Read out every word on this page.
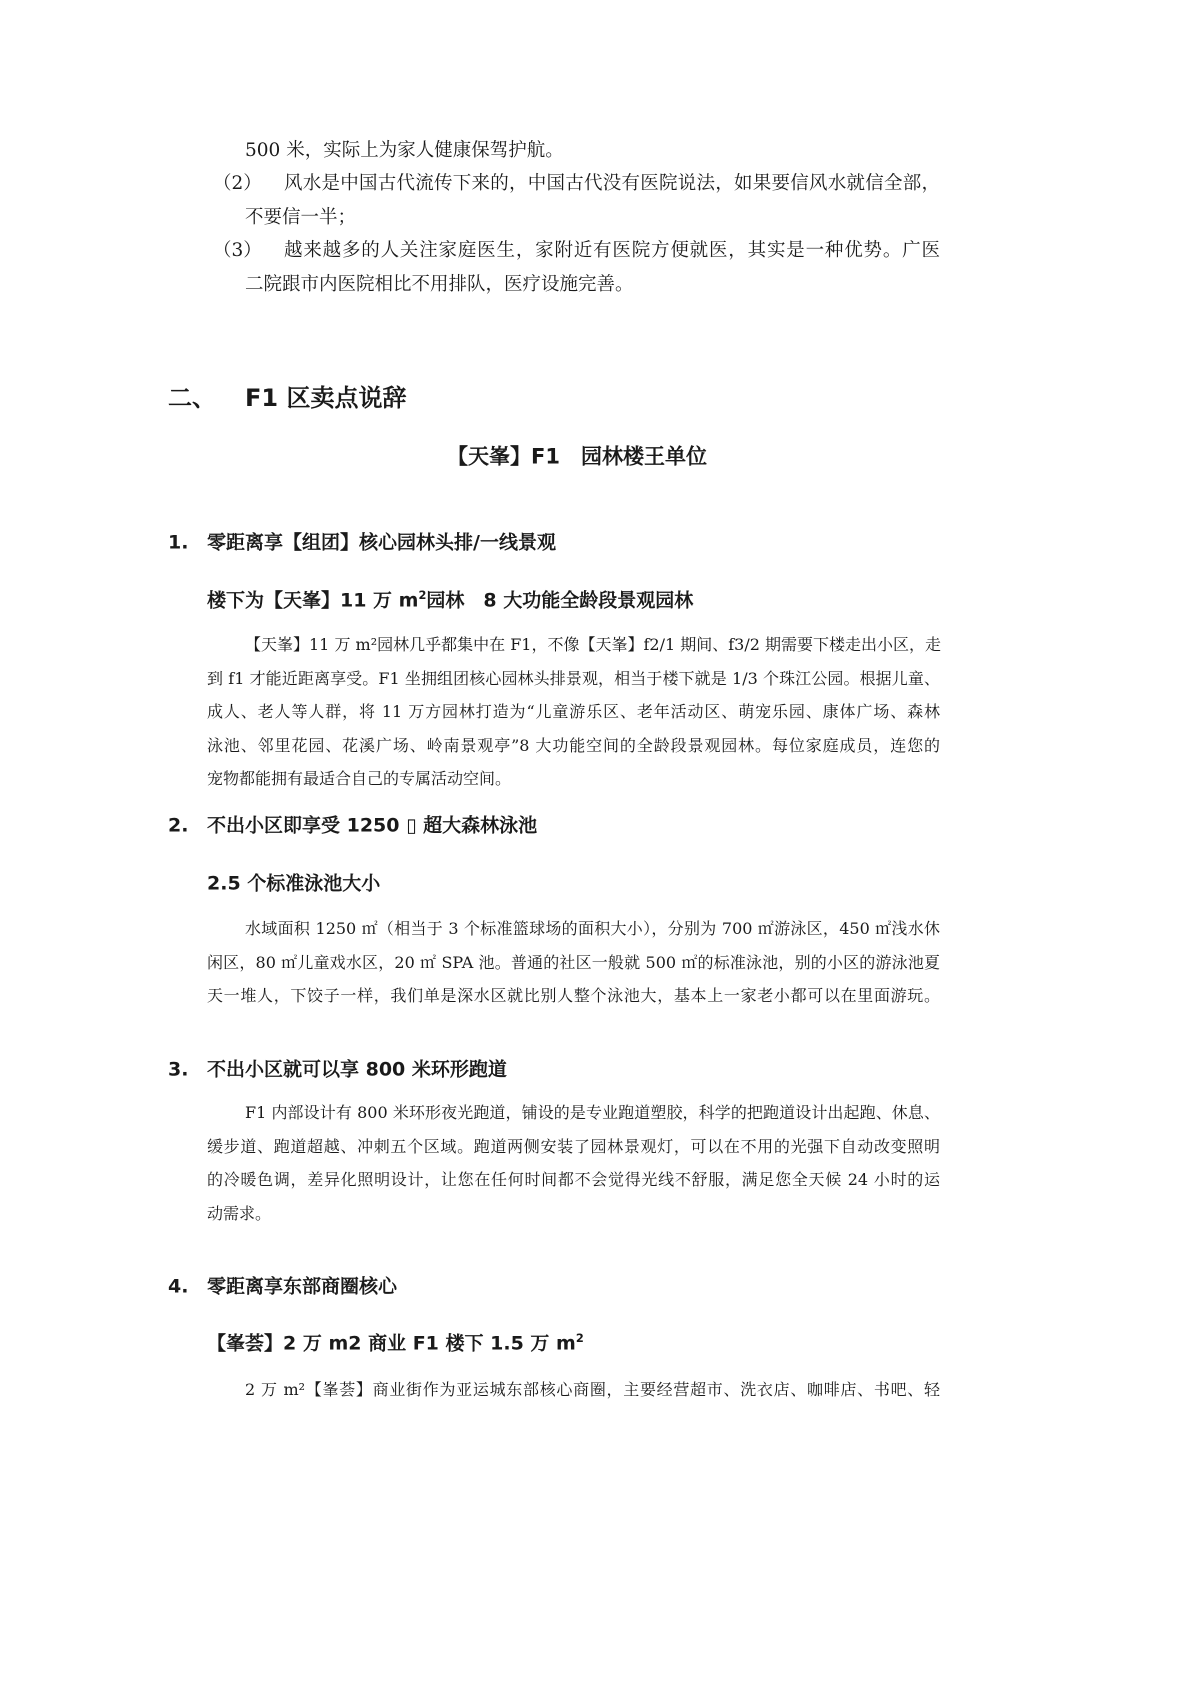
500 米，实际上为家人健康保驾护航。
（2） 风水是中国古代流传下来的，中国古代没有医院说法，如果要信风水就信全部，
不要信一半；
（3） 越来越多的人关注家庭医生，家附近有医院方便就医，其实是一种优势。广医
二院跟市内医院相比不用排队，医疗设施完善。
二、 F1 区卖点说辞
【天峯】F1　园林楼王单位
1. 零距离享【组团】核心园林头排/一线景观
楼下为【天峯】11 万 $m^2$园林　8 大功能全龄段景观园林
【天峯】11 万 m²园林几乎都集中在 F1，不像【天峯】f2/1 期间、f3/2 期需要下楼走出小区，走
到 f1 才能近距离享受。F1 坐拥组团核心园林头排景观，相当于楼下就是 1/3 个珠江公园。根据儿童、
成人、老人等人群，将 11 万方园林打造为“儿童游乐区、老年活动区、萌宠乐园、康体广场、森林
泳池、邻里花园、花溪广场、岭南景观亭”8 大功能空间的全龄段景观园林。每位家庭成员，连您的
宠物都能拥有最适合自己的专属活动空间。
2. 不出小区即享受 1250 ▯ 超大森林泳池
2.5 个标准泳池大小
水域面积 1250 ㎡（相当于 3 个标准篮球场的面积大小），分别为 700 ㎡游泳区，450 ㎡浅水休
闲区，80 ㎡儿童戏水区，20 ㎡ SPA 池。普通的社区一般就 500 ㎡的标准泳池，别的小区的游泳池夏
天一堆人，下饺子一样，我们单是深水区就比别人整个泳池大，基本上一家老小都可以在里面游玩。
3. 不出小区就可以享 800 米环形跑道
F1 内部设计有 800 米环形夜光跑道，铺设的是专业跑道塑胶，科学的把跑道设计出起跑、休息、
缓步道、跑道超越、冲刺五个区域。跑道两侧安装了园林景观灯，可以在不用的光强下自动改变照明
的冷暖色调，差异化照明设计，让您在任何时间都不会觉得光线不舒服，满足您全天候 24 小时的运
动需求。
4. 零距离享东部商圈核心
【峯荟】2 万 m2 商业 F1 楼下 1.5 万 $m^2$
2 万 m²【峯荟】商业街作为亚运城东部核心商圈，主要经营超市、洗衣店、咖啡店、书吧、轻
